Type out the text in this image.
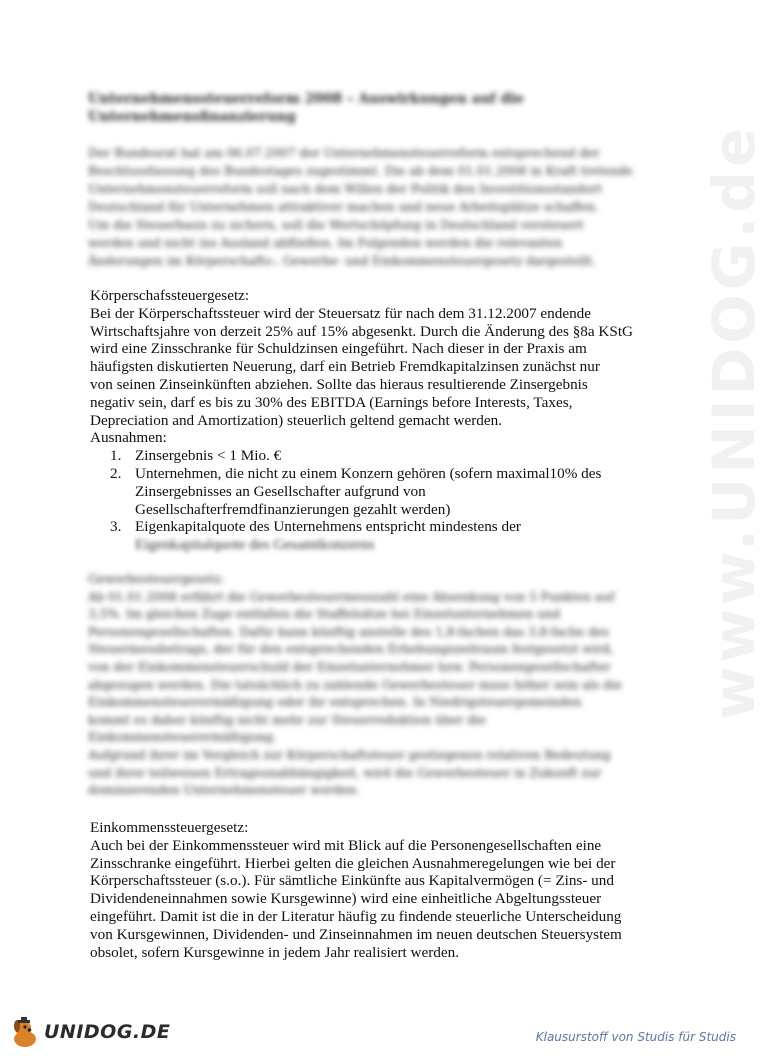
www.UNIDOG.de
Unternehmenssteuerreform 2008 – Auswirkungen auf die
Unternehmensfinanzierung
Der Bundesrat hat am 06.07.2007 der Unternehmensteuerreform entsprechend der
Beschlussfassung des Bundestages zugestimmt. Die ab dem 01.01.2008 in Kraft tretende
Unternehmensteuerreform soll nach dem Willen der Politik den Investitionsstandort
Deutschland für Unternehmen attraktiver machen und neue Arbeitsplätze schaffen.
Um die Steuerbasis zu sichern, soll die Wertschöpfung in Deutschland versteuert
werden und nicht ins Ausland abfließen. Im Folgenden werden die relevanten
Änderungen im Körperschafts-, Gewerbe- und Einkommensteuergesetz dargestellt.
Körperschafssteuergesetz:
Bei der Körperschaftssteuer wird der Steuersatz für nach dem 31.12.2007 endende
Wirtschaftsjahre von derzeit 25% auf 15% abgesenkt. Durch die Änderung des §8a KStG
wird eine Zinsschranke für Schuldzinsen eingeführt. Nach dieser in der Praxis am
häufigsten diskutierten Neuerung, darf ein Betrieb Fremdkapitalzinsen zunächst nur
von seinen Zinseinkünften abziehen. Sollte das hieraus resultierende Zinsergebnis
negativ sein, darf es bis zu 30% des EBITDA (Earnings before Interests, Taxes,
Depreciation and Amortization) steuerlich geltend gemacht werden.
Ausnahmen:
1. Zinsergebnis < 1 Mio. €
2. Unternehmen, die nicht zu einem Konzern gehören (sofern maximal10% des
Zinsergebnisses an Gesellschafter aufgrund von
Gesellschafterfremdfinanzierungen gezahlt werden)
3. Eigenkapitalquote des Unternehmens entspricht mindestens der
Eigenkapitalquote des Gesamtkonzerns
Gewerbesteuergesetz:
Ab 01.01.2008 erfährt die Gewerbesteuermesszahl eine Absenkung von 5 Punkten auf
3,5%. Im gleichen Zuge entfallen die Staffelsätze bei Einzelunternehmen und
Personengesellschaften. Dafür kann künftig anstelle des 1,8-fachen das 3,8-fache des
Steuermessbetrags, der für den entsprechenden Erhebungszeitraum festgesetzt wird,
von der Einkommensteuerschuld der Einzelunternehmer bzw. Personengesellschafter
abgezogen werden. Die tatsächlich zu zahlende Gewerbesteuer muss höher sein als die
Einkommensteuerermäßigung oder ihr entsprechen. In Niedrigsteuergemeinden
kommt es daher künftig nicht mehr zur Steuerreduktion über die
Einkommensteuerermäßigung.
Aufgrund ihrer im Vergleich zur Körperschaftsteuer gestiegenen relativen Bedeutung
und ihrer teilweisen Ertragsunabhängigkeit, wird die Gewerbesteuer in Zukunft zur
dominierenden Unternehmensteuer werden.
Einkommenssteuergesetz:
Auch bei der Einkommenssteuer wird mit Blick auf die Personengesellschaften eine
Zinsschranke eingeführt. Hierbei gelten die gleichen Ausnahmeregelungen wie bei der
Körperschaftssteuer (s.o.). Für sämtliche Einkünfte aus Kapitalvermögen (= Zins- und
Dividendeneinnahmen sowie Kursgewinne) wird eine einheitliche Abgeltungssteuer
eingeführt. Damit ist die in der Literatur häufig zu findende steuerliche Unterscheidung
von Kursgewinnen, Dividenden- und Zinseinnahmen im neuen deutschen Steuersystem
obsolet, sofern Kursgewinne in jedem Jahr realisiert werden.
UNIDOG.DE	Klausurstoff von Studis für Studis
